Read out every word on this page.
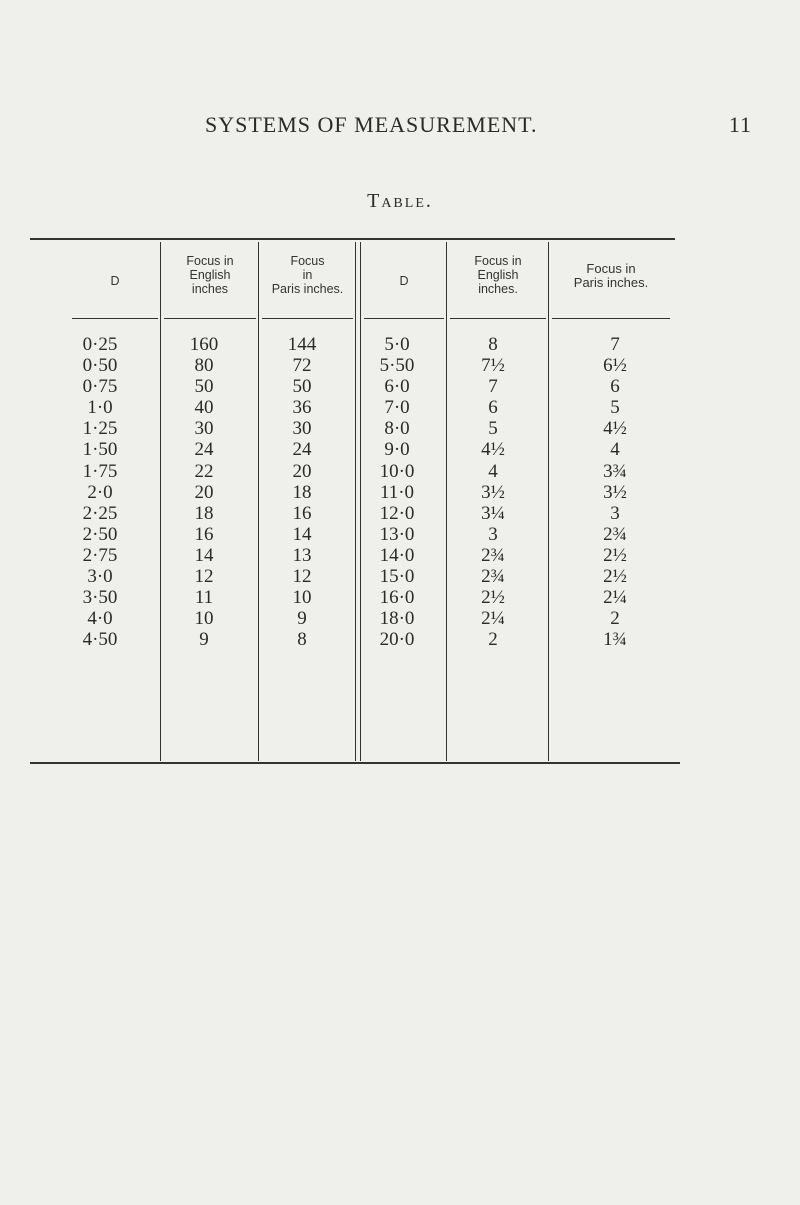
SYSTEMS OF MEASUREMENT.	11
Table.
D
Focus in
English
inches
Focus
in
Paris inches.
D
Focus in
English
inches.
Focus in
Paris inches.
0·25
0·50
0·75
1·0
1·25
1·50
1·75
2·0
2·25
2·50
2·75
3·0
3·50
4·0
4·50
160
80
50
40
30
24
22
20
18
16
14
12
11
10
9
144
72
50
36
30
24
20
18
16
14
13
12
10
9
8
5·0
5·50
6·0
7·0
8·0
9·0
10·0
11·0
12·0
13·0
14·0
15·0
16·0
18·0
20·0
8
7½
7
6
5
4½
4
3½
3¼
3
2¾
2¾
2½
2¼
2
7
6½
6
5
4½
4
3¾
3½
3
2¾
2½
2½
2¼
2
1¾
